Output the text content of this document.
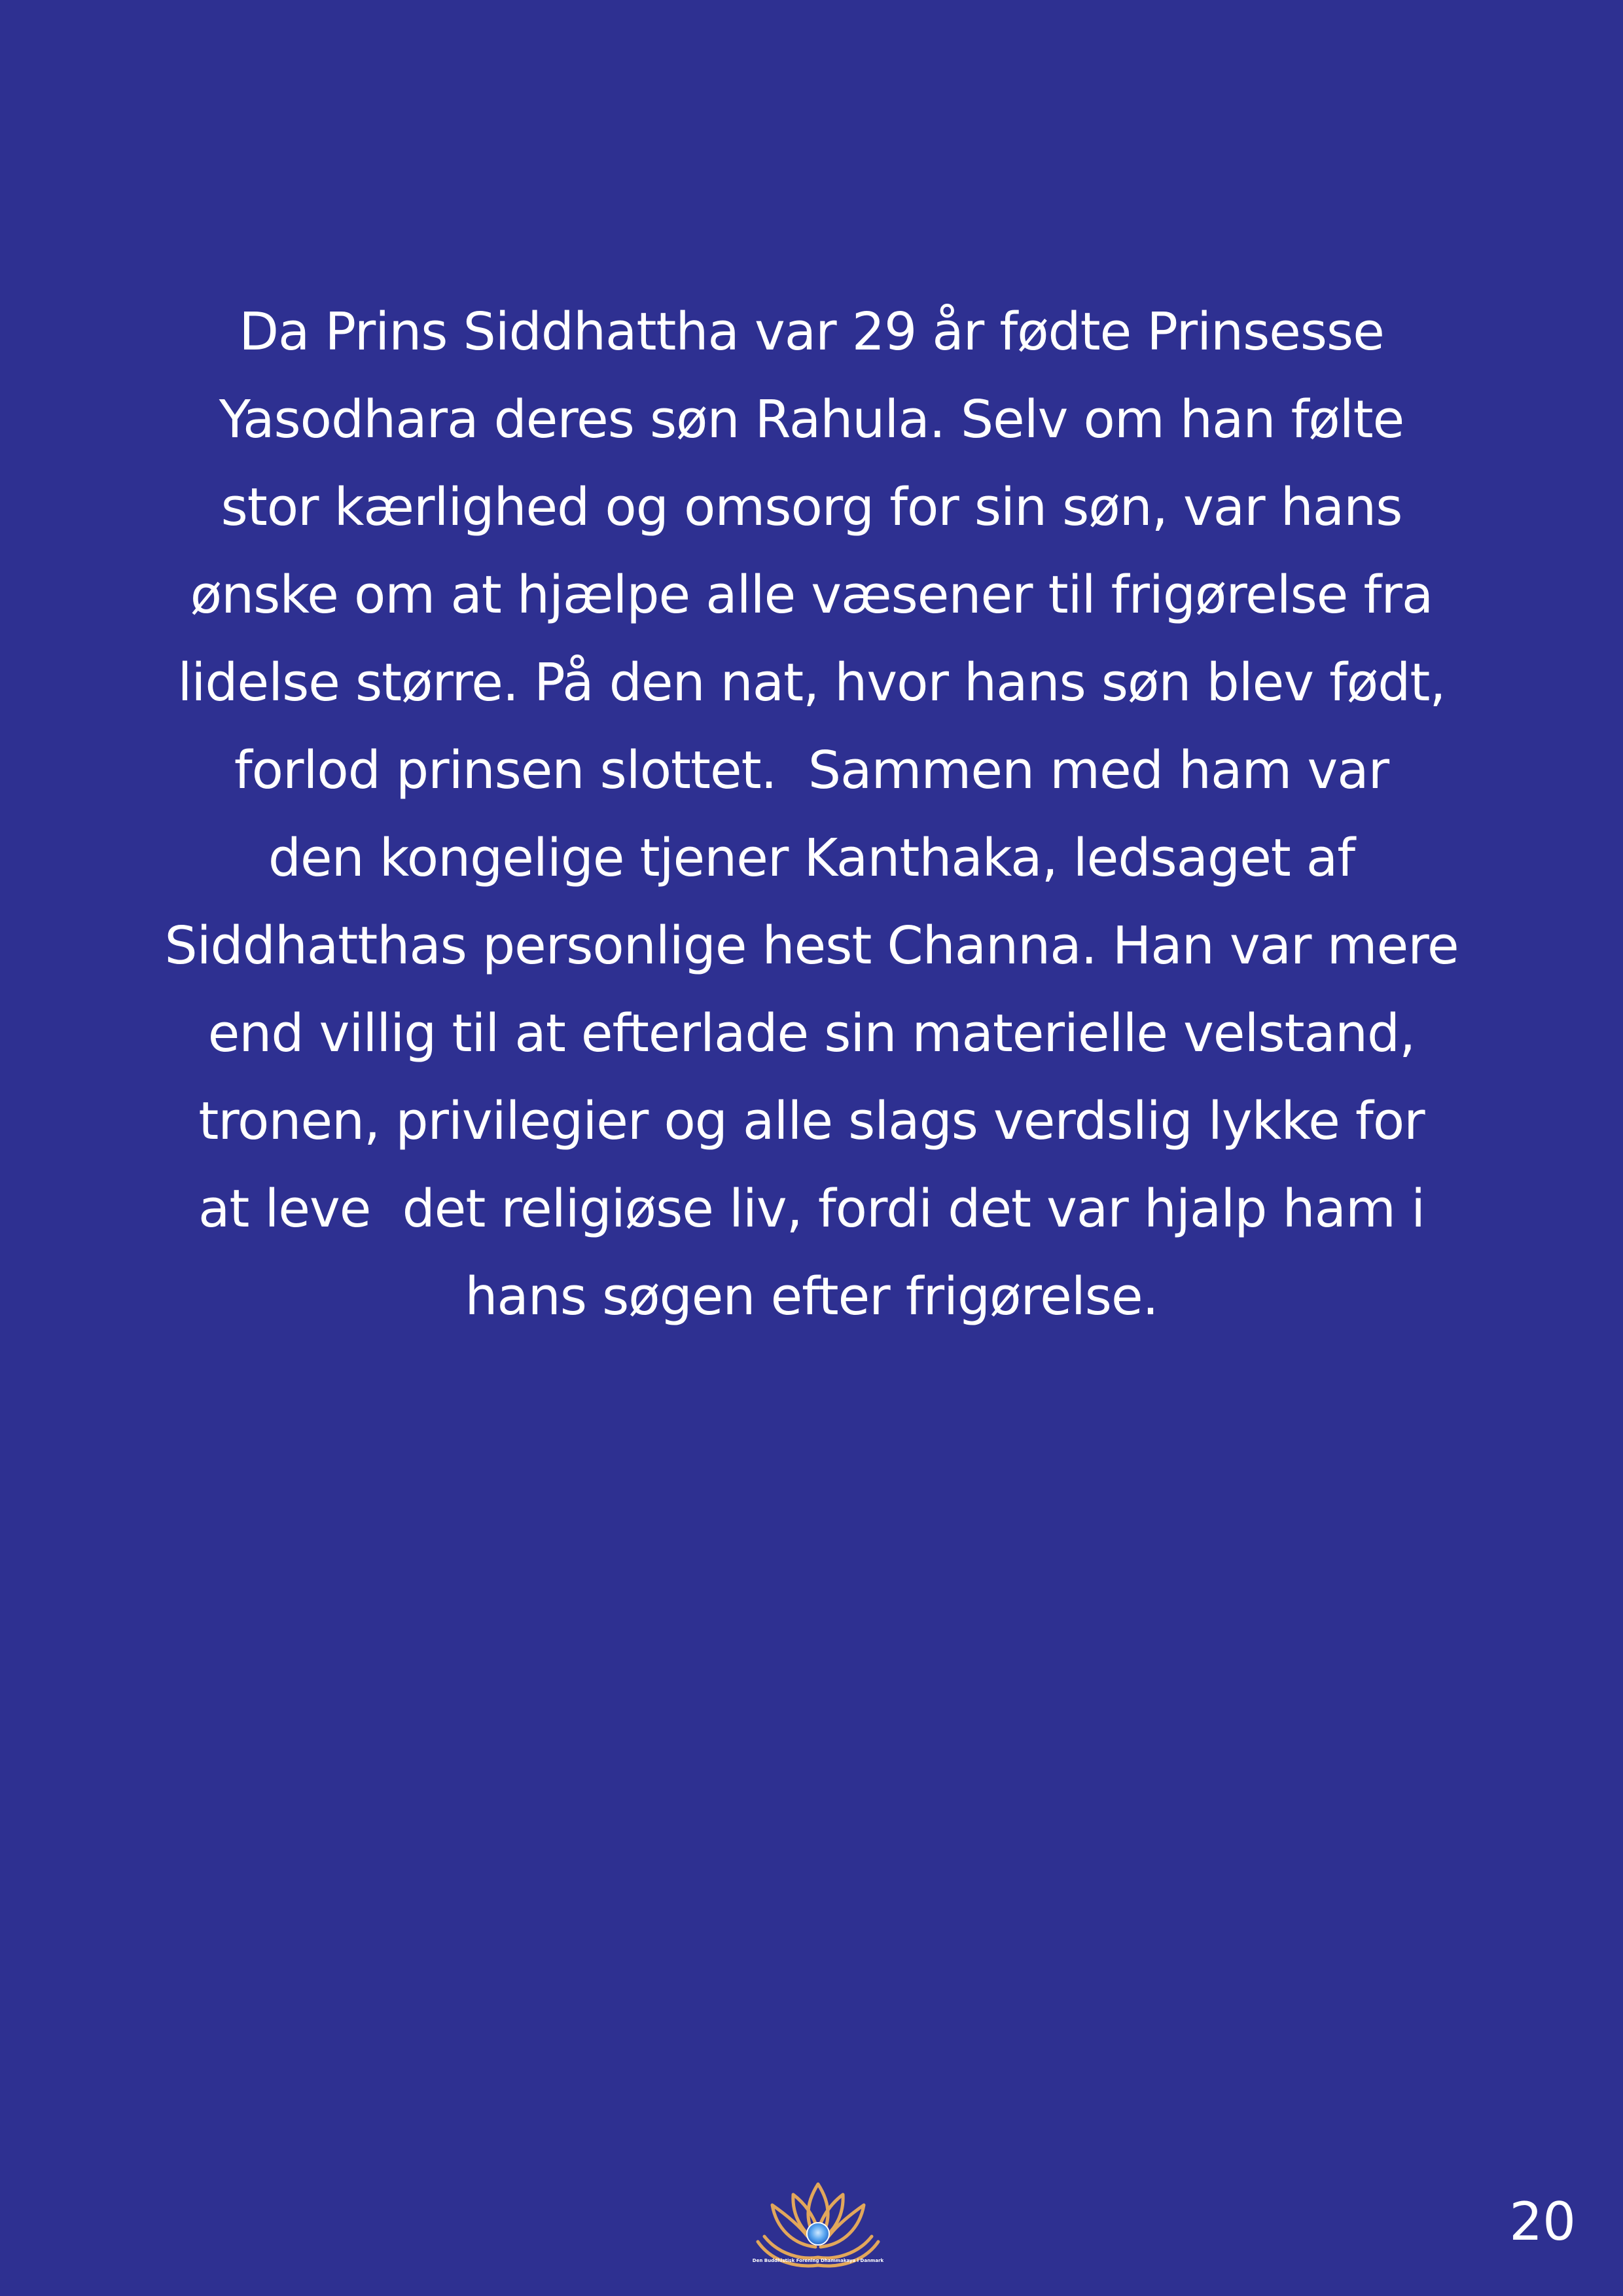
Da Prins Siddhattha var 29 år fødte Prinsesse
Yasodhara deres søn Rahula. Selv om han følte
stor kærlighed og omsorg for sin søn, var hans
ønske om at hjælpe alle væsener til frigørelse fra
lidelse større. På den nat, hvor hans søn blev født,
forlod prinsen slottet.  Sammen med ham var
den kongelige tjener Kanthaka, ledsaget af
Siddhatthas personlige hest Channa. Han var mere
end villig til at efterlade sin materielle velstand,
tronen, privilegier og alle slags verdslig lykke for
at leve  det religiøse liv, fordi det var hjalp ham i
hans søgen efter frigørelse.
Den Buddhistisk Forening Dhammakaya i Danmark
20
